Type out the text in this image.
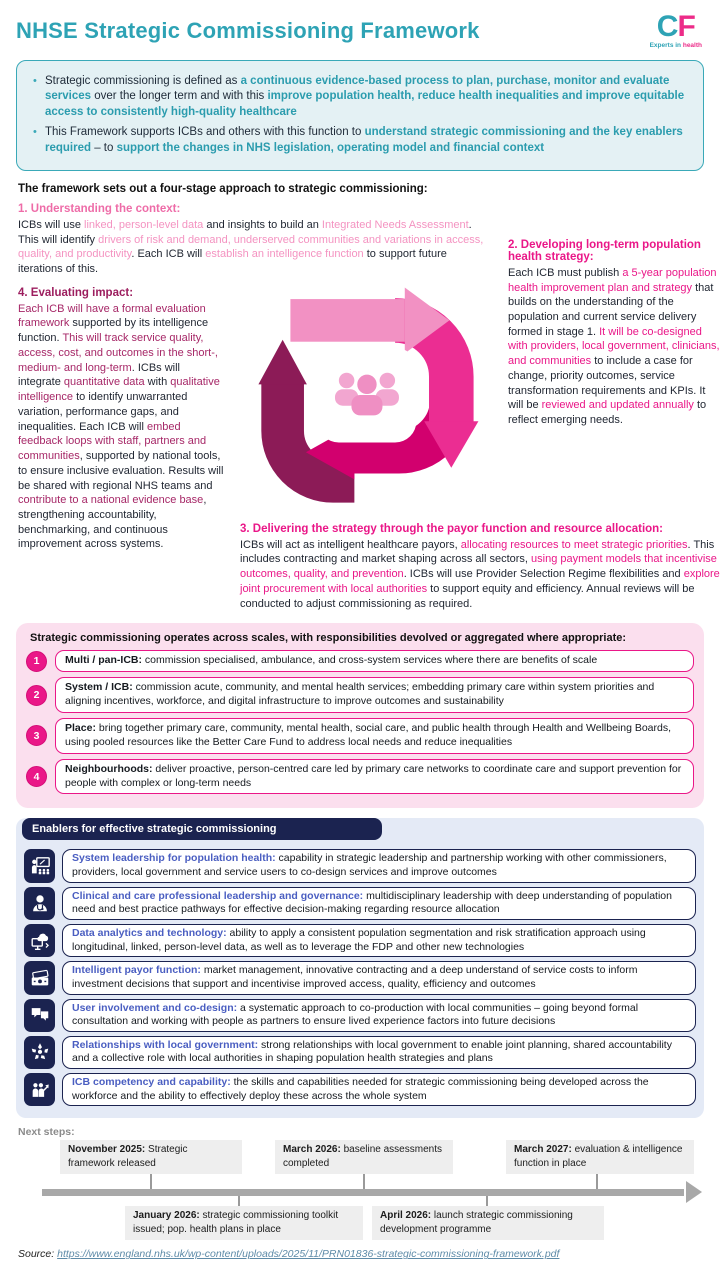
NHSE Strategic Commissioning Framework	CF
Experts in health
• Strategic commissioning is defined as a continuous evidence-based process to plan, purchase, monitor and evaluate services over the longer term and with this improve population health, reduce health inequalities and improve equitable access to consistently high-quality healthcare
• This Framework supports ICBs and others with this function to understand strategic commissioning and the key enablers required – to support the changes in NHS legislation, operating model and financial context
The framework sets out a four-stage approach to strategic commissioning:
1. Understanding the context:
ICBs will use linked, person-level data and insights to build an Integrated Needs Assessment. This will identify drivers of risk and demand, underserved communities and variations in access, quality, and productivity. Each ICB will establish an intelligence function to support future iterations of this.
2. Developing long-term population health strategy:
Each ICB must publish a 5-year population health improvement plan and strategy that builds on the understanding of the population and current service delivery formed in stage 1. It will be co-designed with providers, local government, clinicians, and communities to include a case for change, priority outcomes, service transformation requirements and KPIs. It will be reviewed and updated annually to reflect emerging needs.
4. Evaluating impact:
Each ICB will have a formal evaluation framework supported by its intelligence function. This will track service quality, access, cost, and outcomes in the short-, medium- and long-term. ICBs will integrate quantitative data with qualitative intelligence to identify unwarranted variation, performance gaps, and inequalities. Each ICB will embed feedback loops with staff, partners and communities, supported by national tools, to ensure inclusive evaluation. Results will be shared with regional NHS teams and contribute to a national evidence base, strengthening accountability, benchmarking, and continuous improvement across systems.
3. Delivering the strategy through the payor function and resource allocation:
ICBs will act as intelligent healthcare payors, allocating resources to meet strategic priorities. This includes contracting and market shaping across all sectors, using payment models that incentivise outcomes, quality, and prevention. ICBs will use Provider Selection Regime flexibilities and explore joint procurement with local authorities to support equity and efficiency. Annual reviews will be conducted to adjust commissioning as required.
Strategic commissioning operates across scales, with responsibilities devolved or aggregated where appropriate:
1	Multi / pan-ICB: commission specialised, ambulance, and cross-system services where there are benefits of scale
2
System / ICB: commission acute, community, and mental health services; embedding primary care within system priorities and aligning incentives, workforce, and digital infrastructure to improve outcomes and sustainability
3
Place: bring together primary care, community, mental health, social care, and public health through Health and Wellbeing Boards, using pooled resources like the Better Care Fund to address local needs and reduce inequalities
4
Neighbourhoods: deliver proactive, person-centred care led by primary care networks to coordinate care and support prevention for people with complex or long-term needs
Enablers for effective strategic commissioning
System leadership for population health: capability in strategic leadership and partnership working with other commissioners, providers, local government and service users to co-design services and improve outcomes
Clinical and care professional leadership and governance: multidisciplinary leadership with deep understanding of population need and best practice pathways for effective decision-making regarding resource allocation
Data analytics and technology: ability to apply a consistent population segmentation and risk stratification approach using longitudinal, linked, person-level data, as well as to leverage the FDP and other new technologies
Intelligent payor function: market management, innovative contracting and a deep understand of service costs to inform investment decisions that support and incentivise improved access, quality, efficiency and outcomes
User involvement and co-design: a systematic approach to co-production with local communities – going beyond formal consultation and working with people as partners to ensure lived experience factors into future decisions
Relationships with local government: strong relationships with local government to enable joint planning, shared accountability and a collective role with local authorities in shaping population health strategies and plans
ICB competency and capability: the skills and capabilities needed for strategic commissioning being developed across the workforce and the ability to effectively deploy these across the whole system
Next steps:
November 2025: Strategic framework released
March 2026: baseline assessments completed
March 2027: evaluation & intelligence function in place
January 2026: strategic commissioning toolkit issued; pop. health plans in place
April 2026: launch strategic commissioning development programme
Source: https://www.england.nhs.uk/wp-content/uploads/2025/11/PRN01836-strategic-commissioning-framework.pdf
